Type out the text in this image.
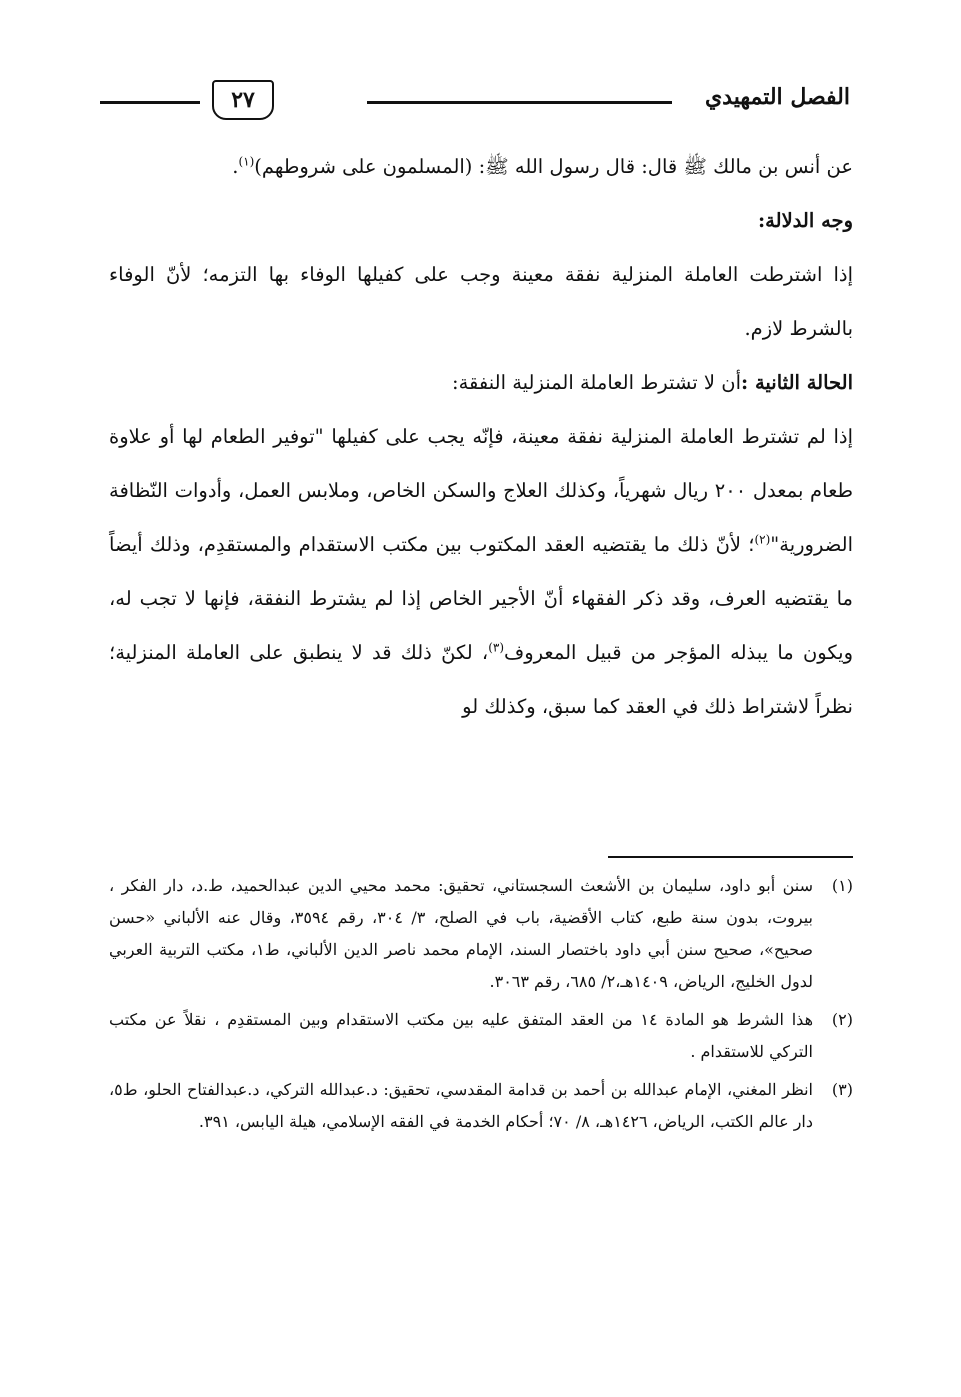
الفصل التمهيدي
٢٧

عن أنس بن مالك ﷺ قال: قال رسول الله ﷺ: (المسلمون على شروطهم)$^{(١)}$.

وجه الدلالة:

إذا اشترطت العاملة المنزلية نفقة معينة وجب على كفيلها الوفاء بها التزمه؛ لأنّ الوفاء بالشرط لازم.

الحالة الثانية :أن لا تشترط العاملة المنزلية النفقة:

إذا لم تشترط العاملة المنزلية نفقة معينة، فإنّه يجب على كفيلها "توفير الطعام لها أو علاوة طعام بمعدل ٢٠٠ ريال شهرياً، وكذلك العلاج والسكن الخاص، وملابس العمل، وأدوات النّظافة الضرورية"$^{(٢)}$؛ لأنّ ذلك ما يقتضيه العقد المكتوب بين مكتب الاستقدام والمستقدِم، وذلك أيضاً ما يقتضيه العرف، وقد ذكر الفقهاء أنّ الأجير الخاص إذا لم يشترط النفقة، فإنها لا تجب له، ويكون ما يبذله المؤجر من قبيل المعروف$^{(٣)}$، لكنّ ذلك قد لا ينطبق على العاملة المنزلية؛ نظراً لاشتراط ذلك في العقد كما سبق، وكذلك لو

(١)
سنن أبو داود، سليمان بن الأشعث السجستاني، تحقيق: محمد محيي الدين عبدالحميد، ط.د، دار الفكر ، بيروت، بدون سنة طبع، كتاب الأقضية، باب في الصلح، ٣/ ٣٠٤، رقم ٣٥٩٤، وقال عنه الألباني «حسن صحيح»، صحيح سنن أبي داود باختصار السند، الإمام محمد ناصر الدين الألباني، ط١، مكتب التربية العربي لدول الخليج، الرياض، ١٤٠٩هـ،٢/ ٦٨٥، رقم ٣٠٦٣.
(٢)
هذا الشرط هو المادة ١٤ من العقد المتفق عليه بين مكتب الاستقدام وبين المستقدِم ، نقلاً عن مكتب التركي للاستقدام .
(٣)
انظر المغني، الإمام عبدالله بن أحمد بن قدامة المقدسي، تحقيق: د.عبدالله التركي، د.عبدالفتاح الحلو، ط٥، دار عالم الكتب، الرياض، ١٤٢٦هـ، ٨/ ٧٠؛ أحكام الخدمة في الفقه الإسلامي، هيلة اليابس، ٣٩١.
